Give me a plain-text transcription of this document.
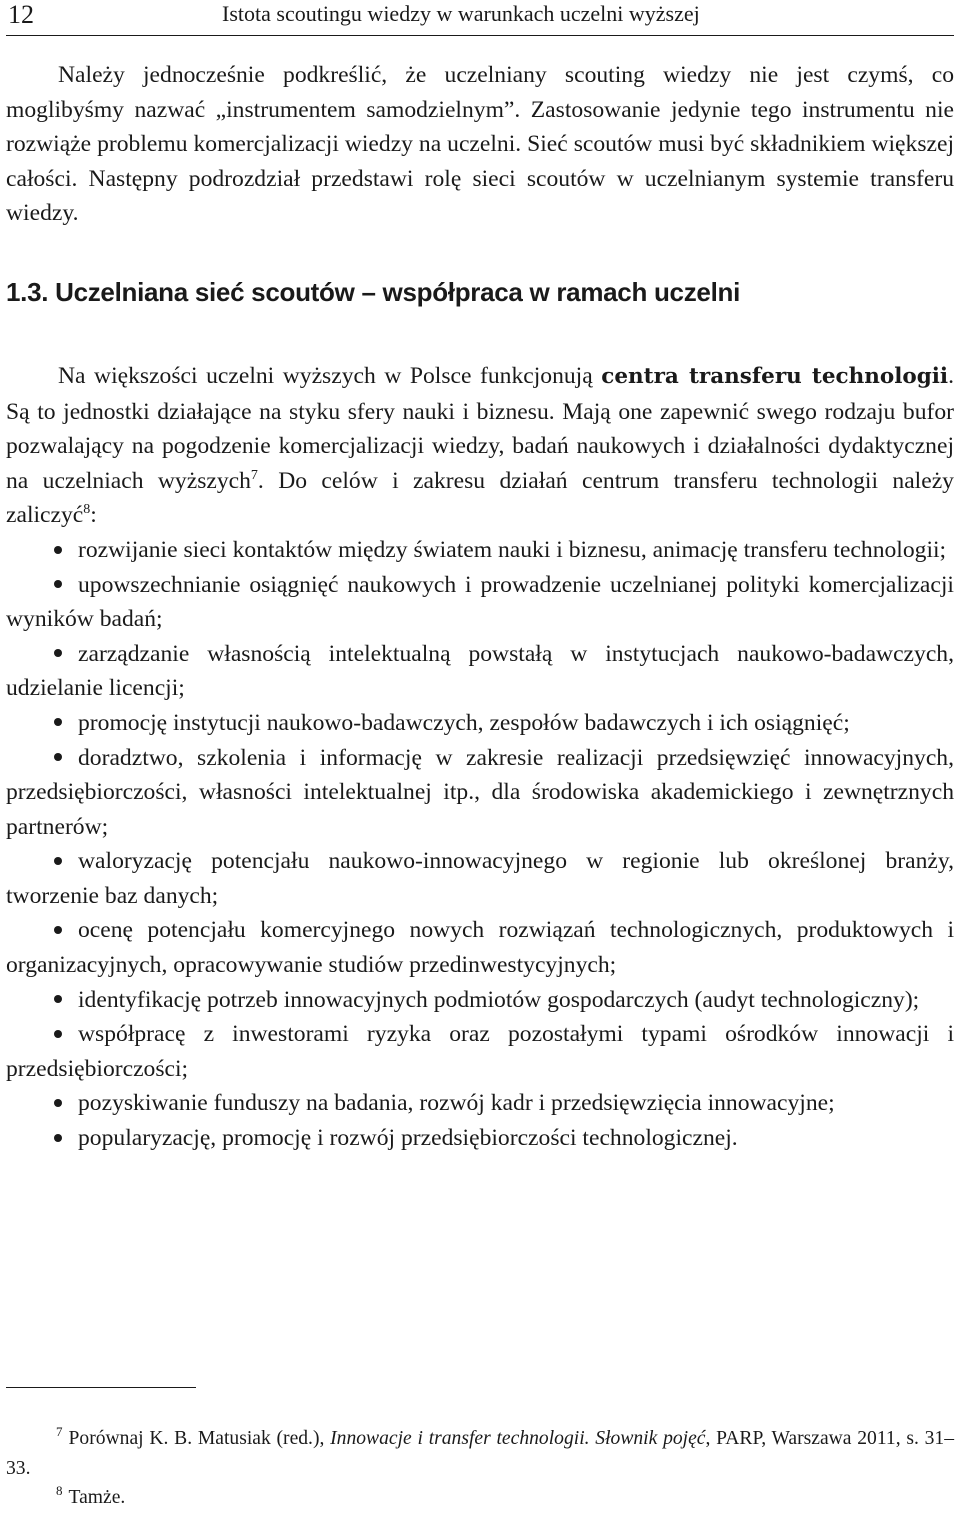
12	Istota scoutingu wiedzy w warunkach uczelni wyższej

Należy jednocześnie podkreślić, że uczelniany scouting wiedzy nie jest czymś, co moglibyśmy nazwać „instrumentem samodzielnym”. Zastosowanie jedynie tego instrumentu nie rozwiąże problemu komercjalizacji wiedzy na uczelni. Sieć scoutów musi być składnikiem większej całości. Następny podrozdział przedstawi rolę sieci scoutów w uczelnianym systemie transferu wiedzy.

1.3. Uczelniana sieć scoutów – współpraca w ramach uczelni

Na większości uczelni wyższych w Polsce funkcjonują centra transferu technologii. Są to jednostki działające na styku sfery nauki i biznesu. Mają one zapewnić swego rodzaju bufor pozwalający na pogodzenie komercjalizacji wiedzy, badań naukowych i działalności dydaktycznej na uczelniach wyższych$^7$. Do celów i zakresu działań centrum transferu technologii należy zaliczyć$^8$:

rozwijanie sieci kontaktów między światem nauki i biznesu, animację transferu technologii;
upowszechnianie osiągnięć naukowych i prowadzenie uczelnianej polityki komercjalizacji wyników badań;
zarządzanie własnością intelektualną powstałą w instytucjach naukowo-badawczych, udzielanie licencji;
promocję instytucji naukowo-badawczych, zespołów badawczych i ich osiągnięć;
doradztwo, szkolenia i informację w zakresie realizacji przedsięwzięć innowacyjnych, przedsiębiorczości, własności intelektualnej itp., dla środowiska akademickiego i zewnętrznych partnerów;
waloryzację potencjału naukowo-innowacyjnego w regionie lub określonej branży, tworzenie baz danych;
ocenę potencjału komercyjnego nowych rozwiązań technologicznych, produktowych i organizacyjnych, opracowywanie studiów przedinwestycyjnych;
identyfikację potrzeb innowacyjnych podmiotów gospodarczych (audyt technologiczny);
współpracę z inwestorami ryzyka oraz pozostałymi typami ośrodków innowacji i przedsiębiorczości;
pozyskiwanie funduszy na badania, rozwój kadr i przedsięwzięcia innowacyjne;
popularyzację, promocję i rozwój przedsiębiorczości technologicznej.

$^7$ Porównaj K. B. Matusiak (red.), Innowacje i transfer technologii. Słownik pojęć, PARP, Warszawa 2011, s. 31–33.

$^8$ Tamże.
